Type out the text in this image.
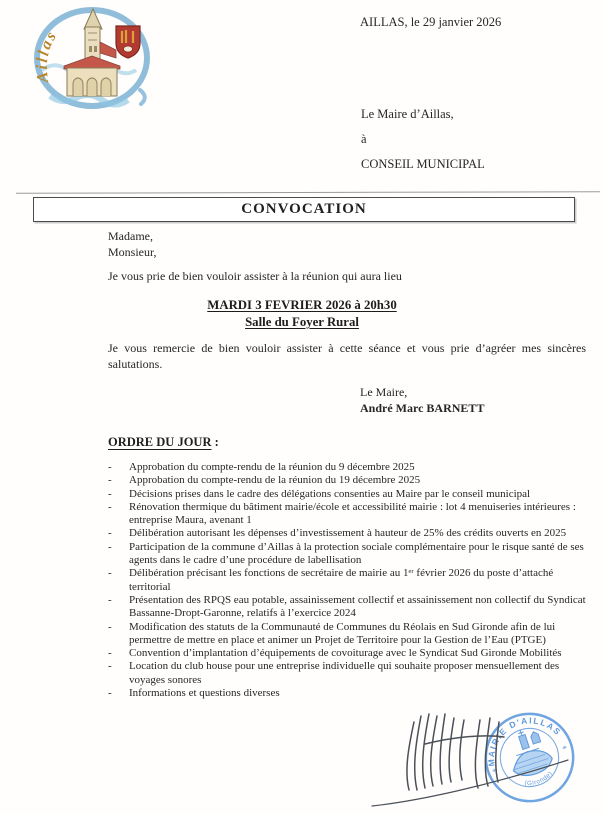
Aillas
AILLAS, le 29 janvier 2026
Le Maire d’Aillas,
à
CONSEIL MUNICIPAL
CONVOCATION
Madame,
Monsieur,
Je vous prie de bien vouloir assister à la réunion qui aura lieu
MARDI 3 FEVRIER 2026 à 20h30
Salle du Foyer Rural
Je vous remercie de bien vouloir assister à cette séance et vous prie d’agréer mes sincères salutations.
Le Maire,
André Marc BARNETT
ORDRE DU JOUR :
-	Approbation du compte-rendu de la réunion du 9 décembre 2025
-	Approbation du compte-rendu de la réunion du 19 décembre 2025
-	Décisions prises dans le cadre des délégations consenties au Maire par le conseil municipal
-	Rénovation thermique du bâtiment mairie/école et accessibilité mairie : lot 4 menuiseries intérieures : entreprise Maura, avenant 1
-	Délibération autorisant les dépenses d’investissement à hauteur de 25% des crédits ouverts en 2025
-	Participation de la commune d’Aillas à la protection sociale complémentaire pour le risque santé de ses agents dans le cadre d’une procédure de labellisation
-	Délibération précisant les fonctions de secrétaire de mairie au 1ᵉʳ février 2026 du poste d’attaché territorial
-	Présentation des RPQS eau potable, assainissement collectif et assainissement non collectif du Syndicat Bassanne-Dropt-Garonne, relatifs à l’exercice 2024
-	Modification des statuts de la Communauté de Communes du Réolais en Sud Gironde afin de lui permettre de mettre en place et animer un Projet de Territoire pour la Gestion de l’Eau (PTGE)
-	Convention d’implantation d’équipements de covoiturage avec le Syndicat Sud Gironde Mobilités
-	Location du club house pour une entreprise individuelle qui souhaite proposer mensuellement des voyages sonores
-	Informations et questions diverses
MAIRIE D'AILLAS
(Gironde)
*
*
